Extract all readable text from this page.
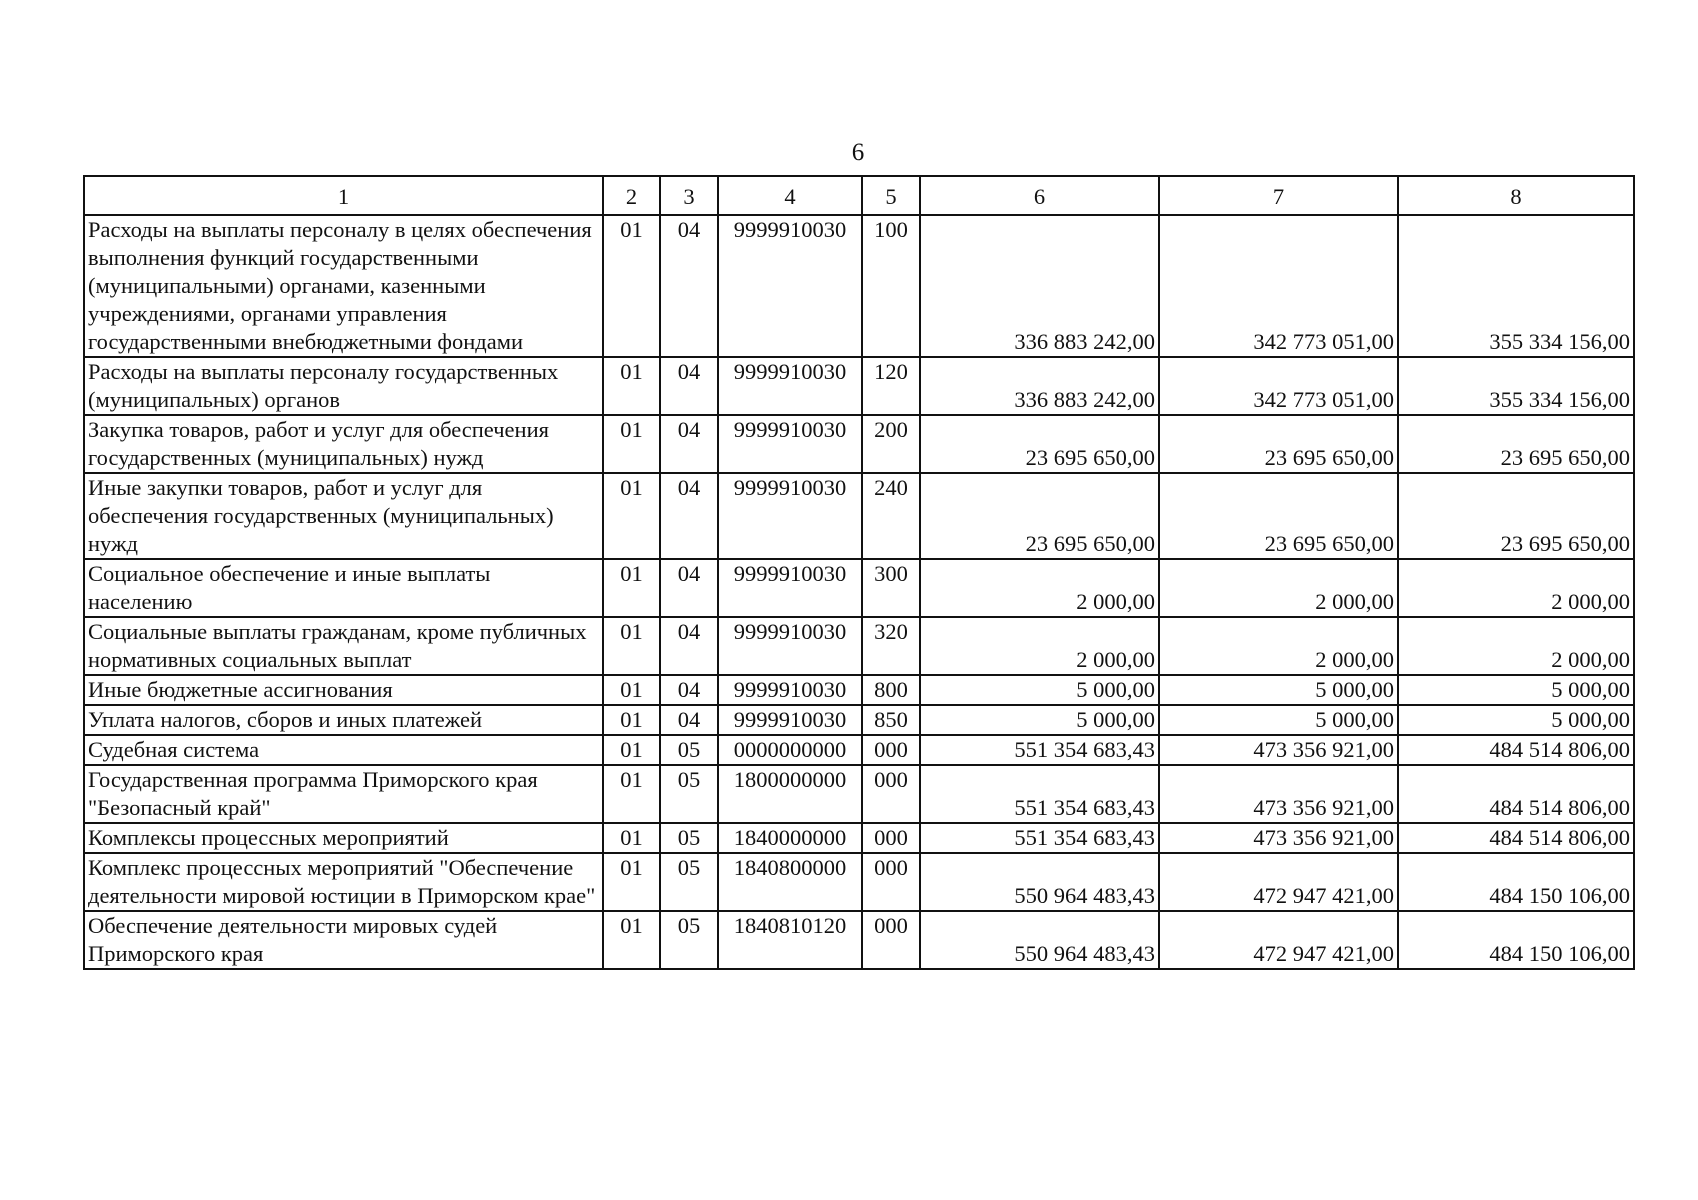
6
1	2	3	4	5	6	7	8
Расходы на выплаты персоналу в целях обеспечения выполнения функций государственными (муниципальными) органами, казенными учреждениями, органами управления государственными внебюджетными фондами	01	04	9999910030	100	336 883 242,00	342 773 051,00	355 334 156,00
Расходы на выплаты персоналу государственных (муниципальных) органов	01	04	9999910030	120	336 883 242,00	342 773 051,00	355 334 156,00
Закупка товаров, работ и услуг для обеспечения государственных (муниципальных) нужд	01	04	9999910030	200	23 695 650,00	23 695 650,00	23 695 650,00
Иные закупки товаров, работ и услуг для обеспечения государственных (муниципальных) нужд	01	04	9999910030	240	23 695 650,00	23 695 650,00	23 695 650,00
Социальное обеспечение и иные выплаты населению	01	04	9999910030	300	2 000,00	2 000,00	2 000,00
Социальные выплаты гражданам, кроме публичных нормативных социальных выплат	01	04	9999910030	320	2 000,00	2 000,00	2 000,00
Иные бюджетные ассигнования	01	04	9999910030	800	5 000,00	5 000,00	5 000,00
Уплата налогов, сборов и иных платежей	01	04	9999910030	850	5 000,00	5 000,00	5 000,00
Судебная система	01	05	0000000000	000	551 354 683,43	473 356 921,00	484 514 806,00
Государственная программа Приморского края "Безопасный край"	01	05	1800000000	000	551 354 683,43	473 356 921,00	484 514 806,00
Комплексы процессных мероприятий	01	05	1840000000	000	551 354 683,43	473 356 921,00	484 514 806,00
Комплекс процессных мероприятий "Обеспечение деятельности мировой юстиции в Приморском крае"	01	05	1840800000	000	550 964 483,43	472 947 421,00	484 150 106,00
Обеспечение деятельности мировых судей Приморского края	01	05	1840810120	000	550 964 483,43	472 947 421,00	484 150 106,00
